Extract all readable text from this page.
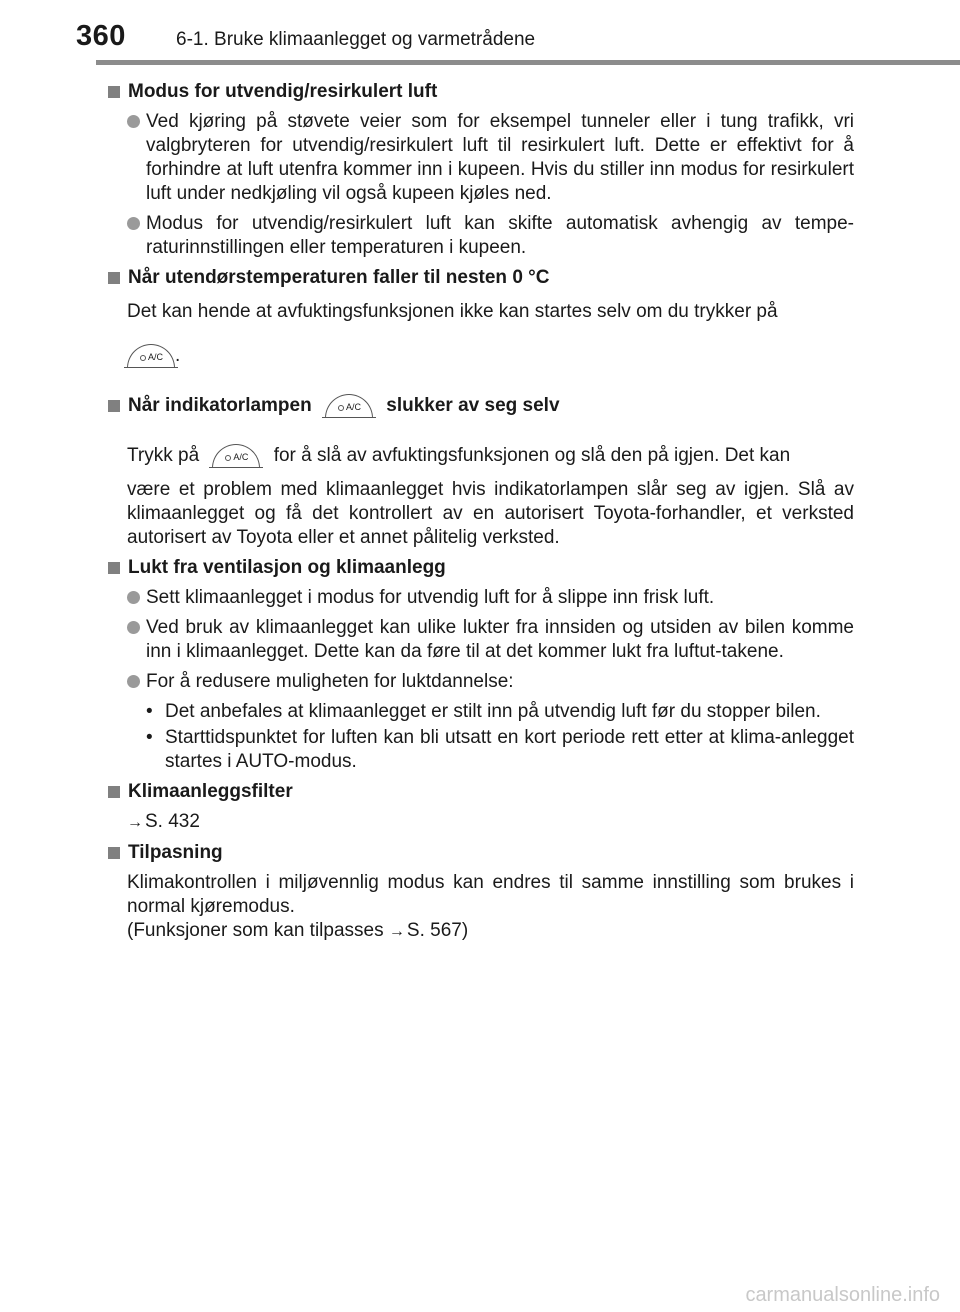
360	6-1. Bruke klimaanlegget og varmetrådene
Modus for utvendig/resirkulert luft
Ved kjøring på støvete veier som for eksempel tunneler eller i tung trafikk, vri valgbryteren for utvendig/resirkulert luft til resirkulert luft. Dette er effektivt for å forhindre at luft utenfra kommer inn i kupeen. Hvis du stiller inn modus for resirkulert luft under nedkjøling vil også kupeen kjøles ned.
Modus for utvendig/resirkulert luft kan skifte automatisk avhengig av tempe-raturinnstillingen eller temperaturen i kupeen.
Når utendørstemperaturen faller til nesten 0 °C
Det kan hende at avfuktingsfunksjonen ikke kan startes selv om du trykker på
A/C .
Når indikatorlampen	A/C slukker av seg selv
Trykk på	A/C for å slå av avfuktingsfunksjonen og slå den på igjen. Det kan
være et problem med klimaanlegget hvis indikatorlampen slår seg av igjen. Slå av klimaanlegget og få det kontrollert av en autorisert Toyota-forhandler, et verksted autorisert av Toyota eller et annet pålitelig verksted.
Lukt fra ventilasjon og klimaanlegg
Sett klimaanlegget i modus for utvendig luft for å slippe inn frisk luft.
Ved bruk av klimaanlegget kan ulike lukter fra innsiden og utsiden av bilen komme inn i klimaanlegget. Dette kan da føre til at det kommer lukt fra luftut-takene.
For å redusere muligheten for luktdannelse:
• Det anbefales at klimaanlegget er stilt inn på utvendig luft før du stopper bilen.
• Starttidspunktet for luften kan bli utsatt en kort periode rett etter at klima-anlegget startes i AUTO-modus.
Klimaanleggsfilter
→ S. 432
Tilpasning
Klimakontrollen i miljøvennlig modus kan endres til samme innstilling som brukes i normal kjøremodus.
(Funksjoner som kan tilpasses → S. 567)
carmanualsonline.info
